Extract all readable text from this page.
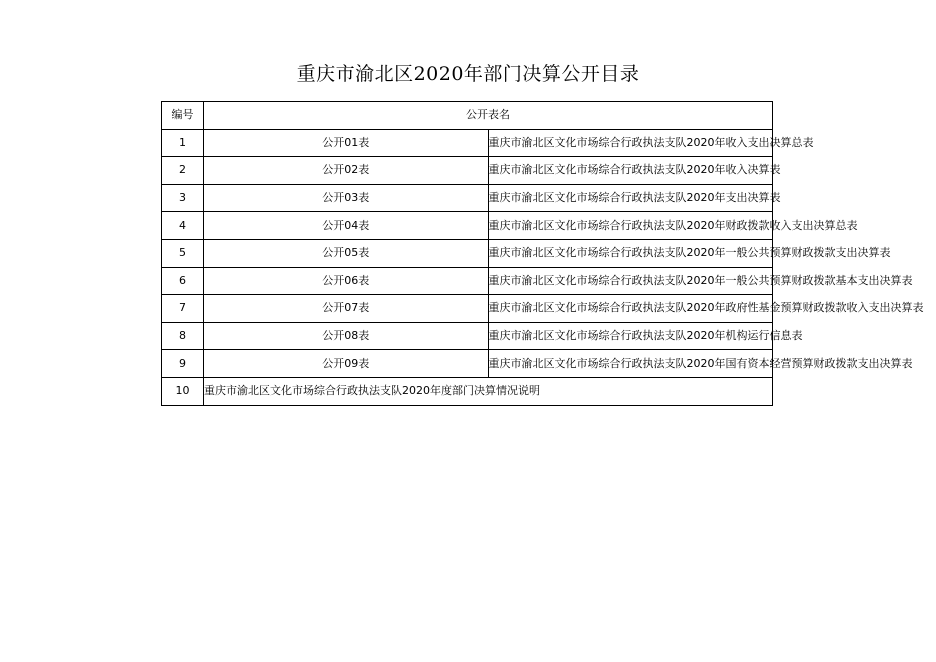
重庆市渝北区2020年部门决算公开目录
编号	公开表名	
1	公开01表	重庆市渝北区文化市场综合行政执法支队2020年收入支出决算总表
2	公开02表	重庆市渝北区文化市场综合行政执法支队2020年收入决算表
3	公开03表	重庆市渝北区文化市场综合行政执法支队2020年支出决算表
4	公开04表	重庆市渝北区文化市场综合行政执法支队2020年财政拨款收入支出决算总表
5	公开05表	重庆市渝北区文化市场综合行政执法支队2020年一般公共预算财政拨款支出决算表
6	公开06表	重庆市渝北区文化市场综合行政执法支队2020年一般公共预算财政拨款基本支出决算表
7	公开07表	重庆市渝北区文化市场综合行政执法支队2020年政府性基金预算财政拨款收入支出决算表
8	公开08表	重庆市渝北区文化市场综合行政执法支队2020年机构运行信息表
9	公开09表	重庆市渝北区文化市场综合行政执法支队2020年国有资本经营预算财政拨款支出决算表
10	重庆市渝北区文化市场综合行政执法支队2020年度部门决算情况说明	
